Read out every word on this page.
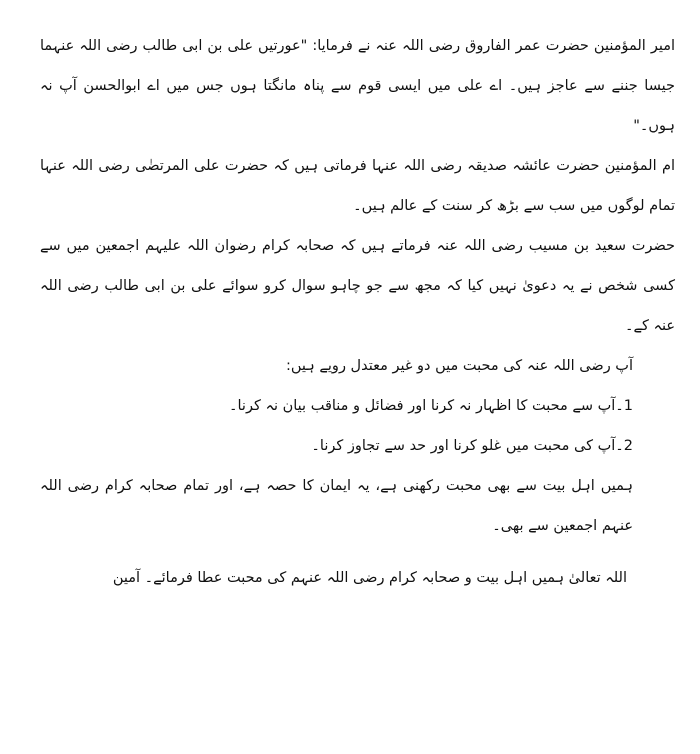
امیر المؤمنین حضرت عمر الفاروق رضی اللہ عنہ نے فرمایا: "عورتیں علی بن ابی طالب رضی اللہ عنہما جیسا جننے سے عاجز ہیں۔ اے علی میں ایسی قوم سے پناہ مانگتا ہوں جس میں اے ابوالحسن آپ نہ ہوں۔"

ام المؤمنین حضرت عائشہ صدیقہ رضی اللہ عنہا فرماتی ہیں کہ حضرت علی المرتضٰی رضی اللہ عنہا تمام لوگوں میں سب سے بڑھ کر سنت کے عالم ہیں۔

حضرت سعید بن مسیب رضی اللہ عنہ فرماتے ہیں کہ صحابہ کرام رضوان اللہ علیہم اجمعین میں سے کسی شخص نے یہ دعویٰ نہیں کیا کہ مجھ سے جو چاہو سوال کرو سوائے علی بن ابی طالب رضی اللہ عنہ کے۔

آپ رضی اللہ عنہ کی محبت میں دو غیر معتدل رویے ہیں:

1۔آپ سے محبت کا اظہار نہ کرنا اور فضائل و مناقب بیان نہ کرنا۔

2۔آپ کی محبت میں غلو کرنا اور حد سے تجاوز کرنا۔

ہمیں اہل بیت سے بھی محبت رکھنی ہے، یہ ایمان کا حصہ ہے، اور تمام صحابہ کرام رضی اللہ عنہم اجمعین سے بھی۔

اللہ تعالیٰ ہمیں اہل بیت و صحابہ کرام رضی اللہ عنہم کی محبت عطا فرمائے۔ آمین
